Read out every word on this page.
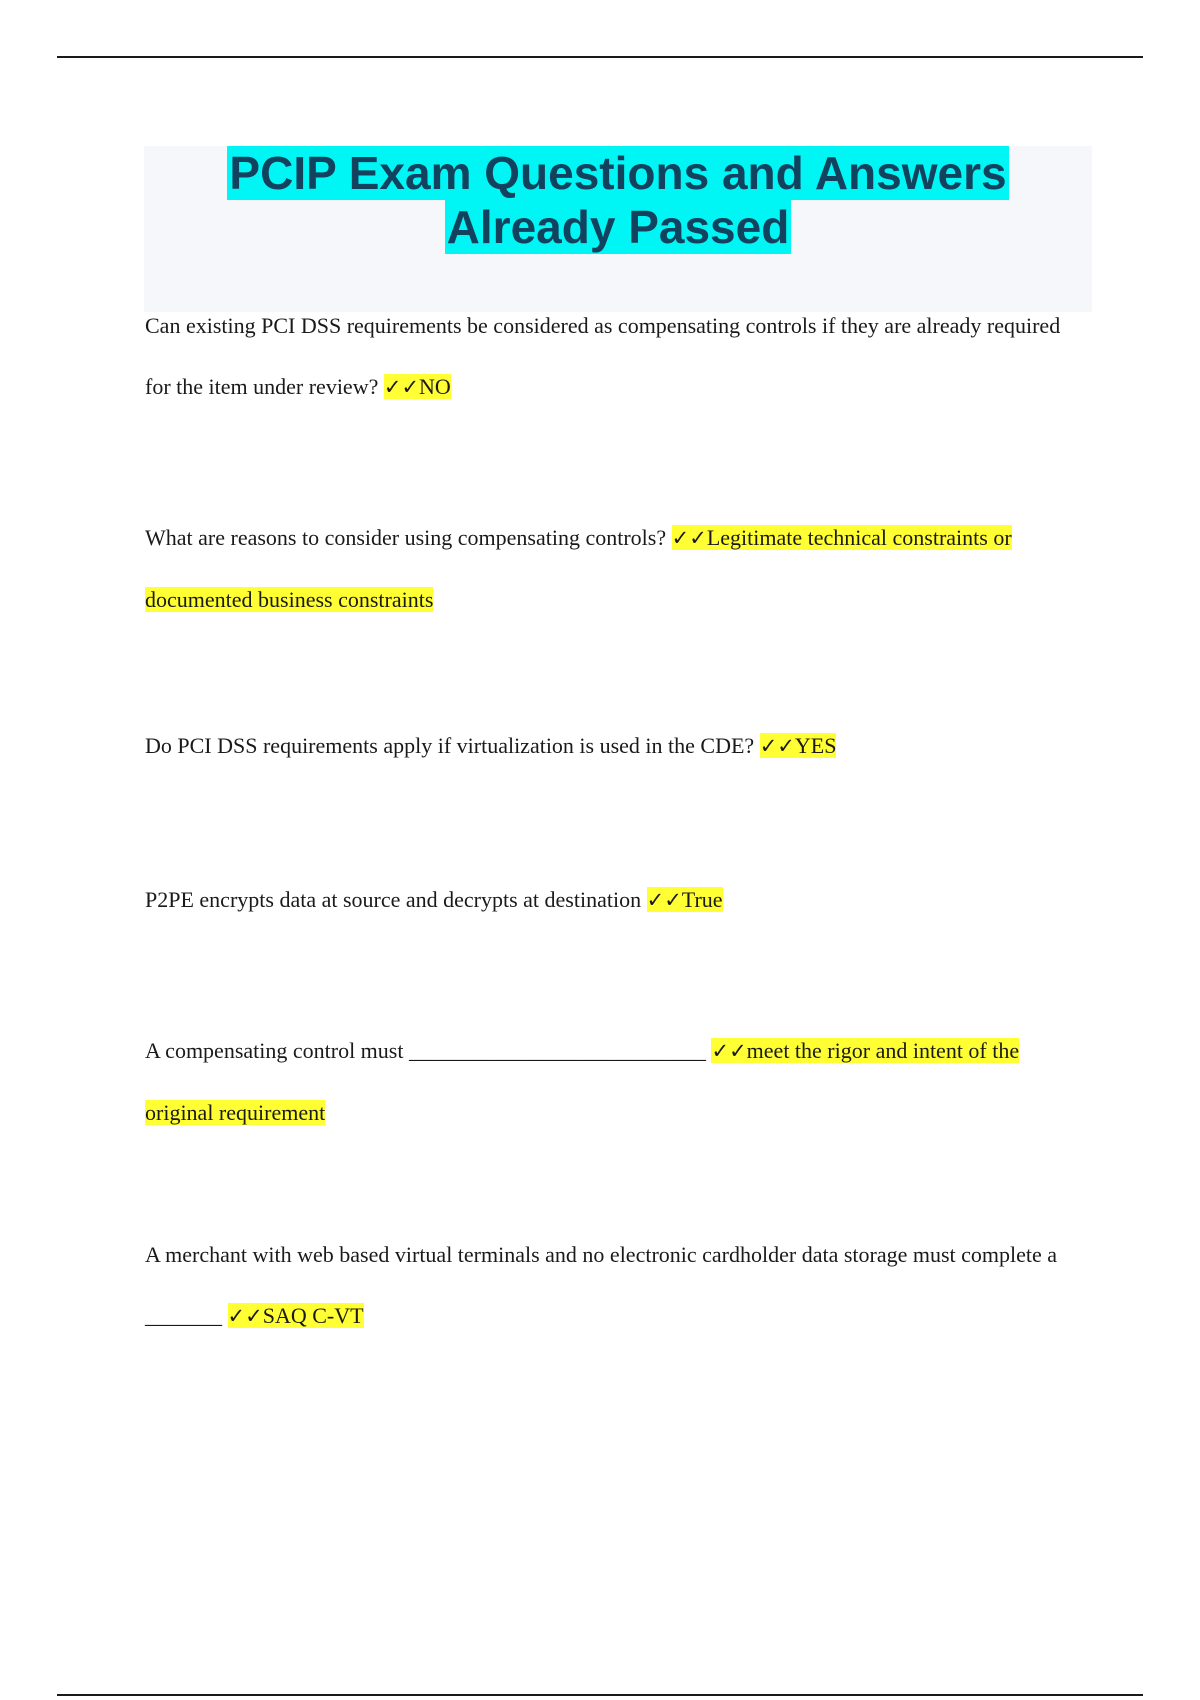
PCIP Exam Questions and Answers
Already Passed
Can existing PCI DSS requirements be considered as compensating controls if they are already required for the item under review? ✓✓NO
What are reasons to consider using compensating controls? ✓✓Legitimate technical constraints or documented business constraints
Do PCI DSS requirements apply if virtualization is used in the CDE? ✓✓YES
P2PE encrypts data at source and decrypts at destination ✓✓True
A compensating control must ___________________________ ✓✓meet the rigor and intent of the original requirement
A merchant with web based virtual terminals and no electronic cardholder data storage must complete a _______ ✓✓SAQ C-VT
